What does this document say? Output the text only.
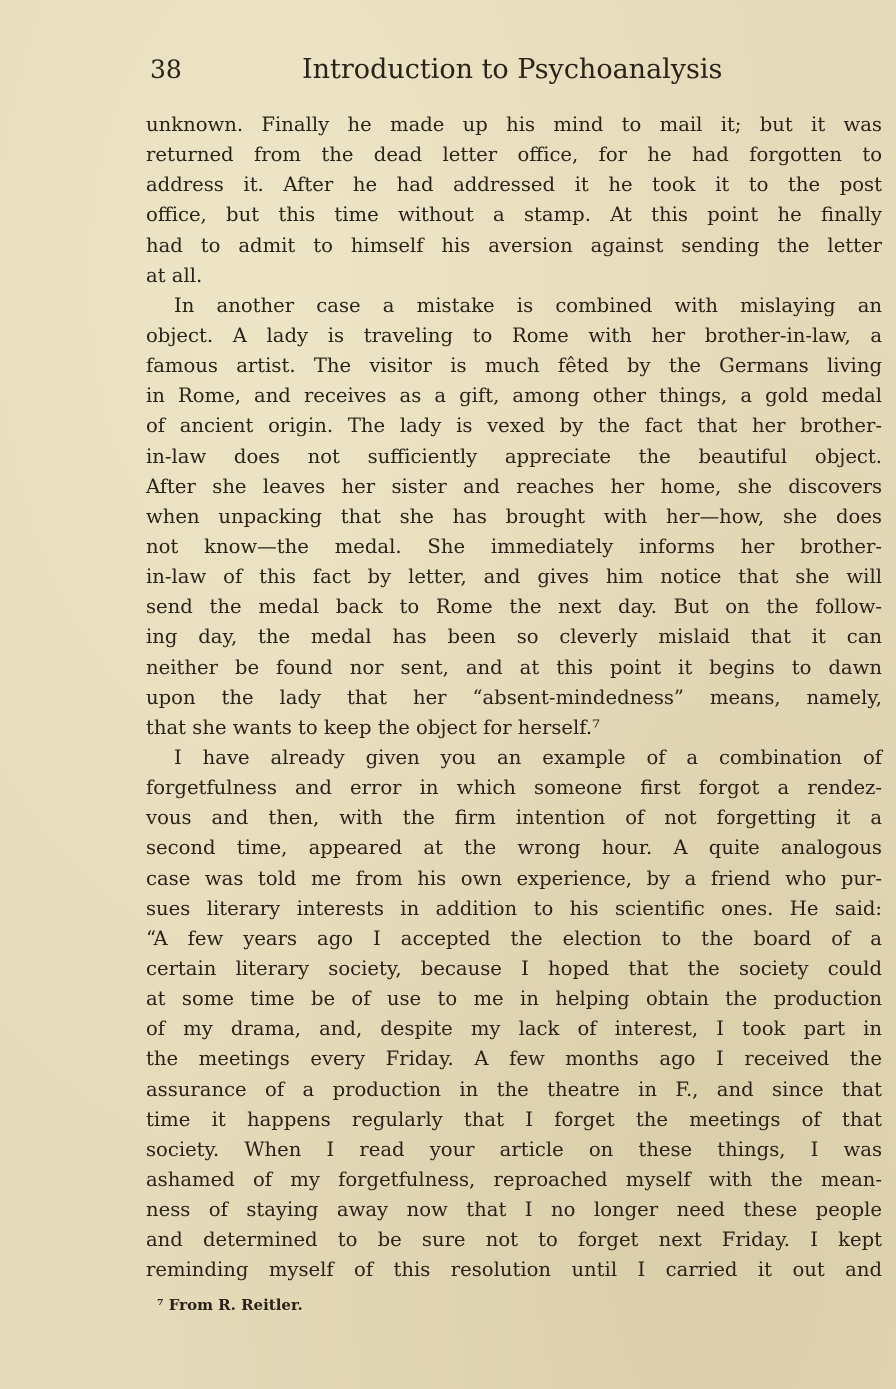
38	Introduction to Psychoanalysis
unknown. Finally he made up his mind to mail it; but it was
returned from the dead letter office, for he had forgotten to
address it. After he had addressed it he took it to the post
office, but this time without a stamp. At this point he finally
had to admit to himself his aversion against sending the letter
at all.
In another case a mistake is combined with mislaying an
object. A lady is traveling to Rome with her brother-in-law, a
famous artist. The visitor is much fêted by the Germans living
in Rome, and receives as a gift, among other things, a gold medal
of ancient origin. The lady is vexed by the fact that her brother-
in-law does not sufficiently appreciate the beautiful object.
After she leaves her sister and reaches her home, she discovers
when unpacking that she has brought with her—how, she does
not know—the medal. She immediately informs her brother-
in-law of this fact by letter, and gives him notice that she will
send the medal back to Rome the next day. But on the follow-
ing day, the medal has been so cleverly mislaid that it can
neither be found nor sent, and at this point it begins to dawn
upon the lady that her “absent-mindedness” means, namely,
that she wants to keep the object for herself.⁷
I have already given you an example of a combination of
forgetfulness and error in which someone first forgot a rendez-
vous and then, with the firm intention of not forgetting it a
second time, appeared at the wrong hour. A quite analogous
case was told me from his own experience, by a friend who pur-
sues literary interests in addition to his scientific ones. He said:
“A few years ago I accepted the election to the board of a
certain literary society, because I hoped that the society could
at some time be of use to me in helping obtain the production
of my drama, and, despite my lack of interest, I took part in
the meetings every Friday. A few months ago I received the
assurance of a production in the theatre in F., and since that
time it happens regularly that I forget the meetings of that
society. When I read your article on these things, I was
ashamed of my forgetfulness, reproached myself with the mean-
ness of staying away now that I no longer need these people
and determined to be sure not to forget next Friday. I kept
reminding myself of this resolution until I carried it out and
⁷ From R. Reitler.
